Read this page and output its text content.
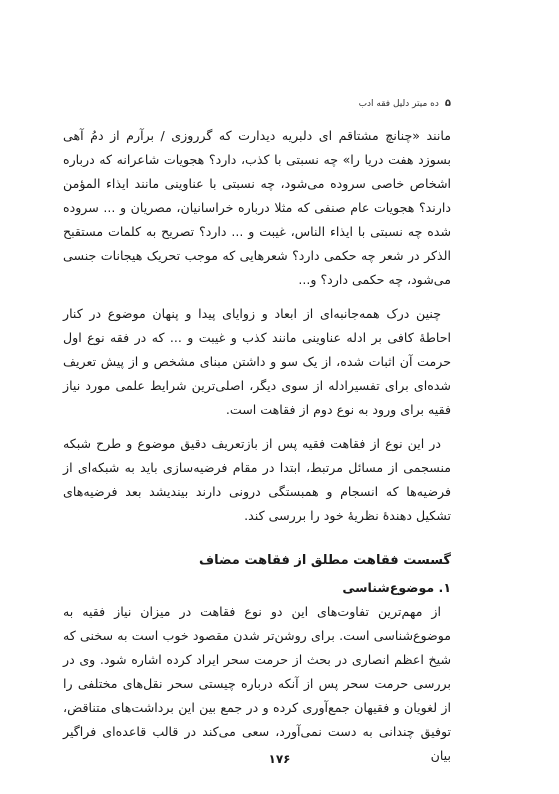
۵
ده میتر دلیل فقه ادب

مانند «چنانچ مشتاقم ای دلبریه دیدارت که گرروزی / برآرم از دمُ آهی بسوزد هفت دریا را» چه نسبتی با کذب، دارد؟ هجویات شاعرانه که درباره اشخاص خاصی سروده می‌شود، چه نسبتی با عناوینی مانند ایذاء المؤمن دارند؟ هجویات عام صنفی که مثلا درباره خراسانیان، مصریان و ... سروده شده چه نسبتی با ایذاء الناس، غیبت و ... دارد؟ تصریح به کلمات مستقبح الذکر در شعر چه حکمی دارد؟ شعرهایی که موجب تحریک هیجانات جنسی می‌شود، چه حکمی دارد؟ و...

چنین درک همه‌جانبه‌ای از ابعاد و زوایای پیدا و پنهان موضوع در کنار احاطهٔ کافی بر ادله عناوینی مانند کذب و غیبت و ... که در فقه نوع اول حرمت آن اثبات شده، از یک سو و داشتن مبنای مشخص و از پیش تعریف شده‌ای برای تفسیرادله از سوی دیگر، اصلی‌ترین شرایط علمی مورد نیاز فقیه برای ورود به نوع دوم از فقاهت است.

در این نوع از فقاهت فقیه پس از بازتعریف دقیق موضوع و طرح شبکه منسجمی از مسائل مرتبط، ابتدا در مقام فرضیه‌سازی باید به شبکه‌ای از فرضیه‌ها که انسجام و همبستگی درونی دارند بیندیشد بعد فرضیه‌های تشکیل دهندهٔ نظریهٔ خود را بررسی کند.

گسست فقاهت مطلق از فقاهت مضاف
۱. موضوع‌شناسی

از مهم‌ترین تفاوت‌های این دو نوع فقاهت در میزان نیاز فقیه به موضوع‌شناسی است. برای روشن‌تر شدن مقصود خوب است به سخنی که شیخ اعظم انصاری در بحث از حرمت سحر ایراد کرده اشاره شود. وی در بررسی حرمت سحر پس از آنکه درباره چیستی سحر نقل‌های مختلفی را از لغویان و فقیهان جمع‌آوری کرده و در جمع بین این برداشت‌های متناقض، توفیق چندانی به دست نمی‌آورد، سعی می‌کند در قالب قاعده‌ای فراگیر بیان

۱۷۶
